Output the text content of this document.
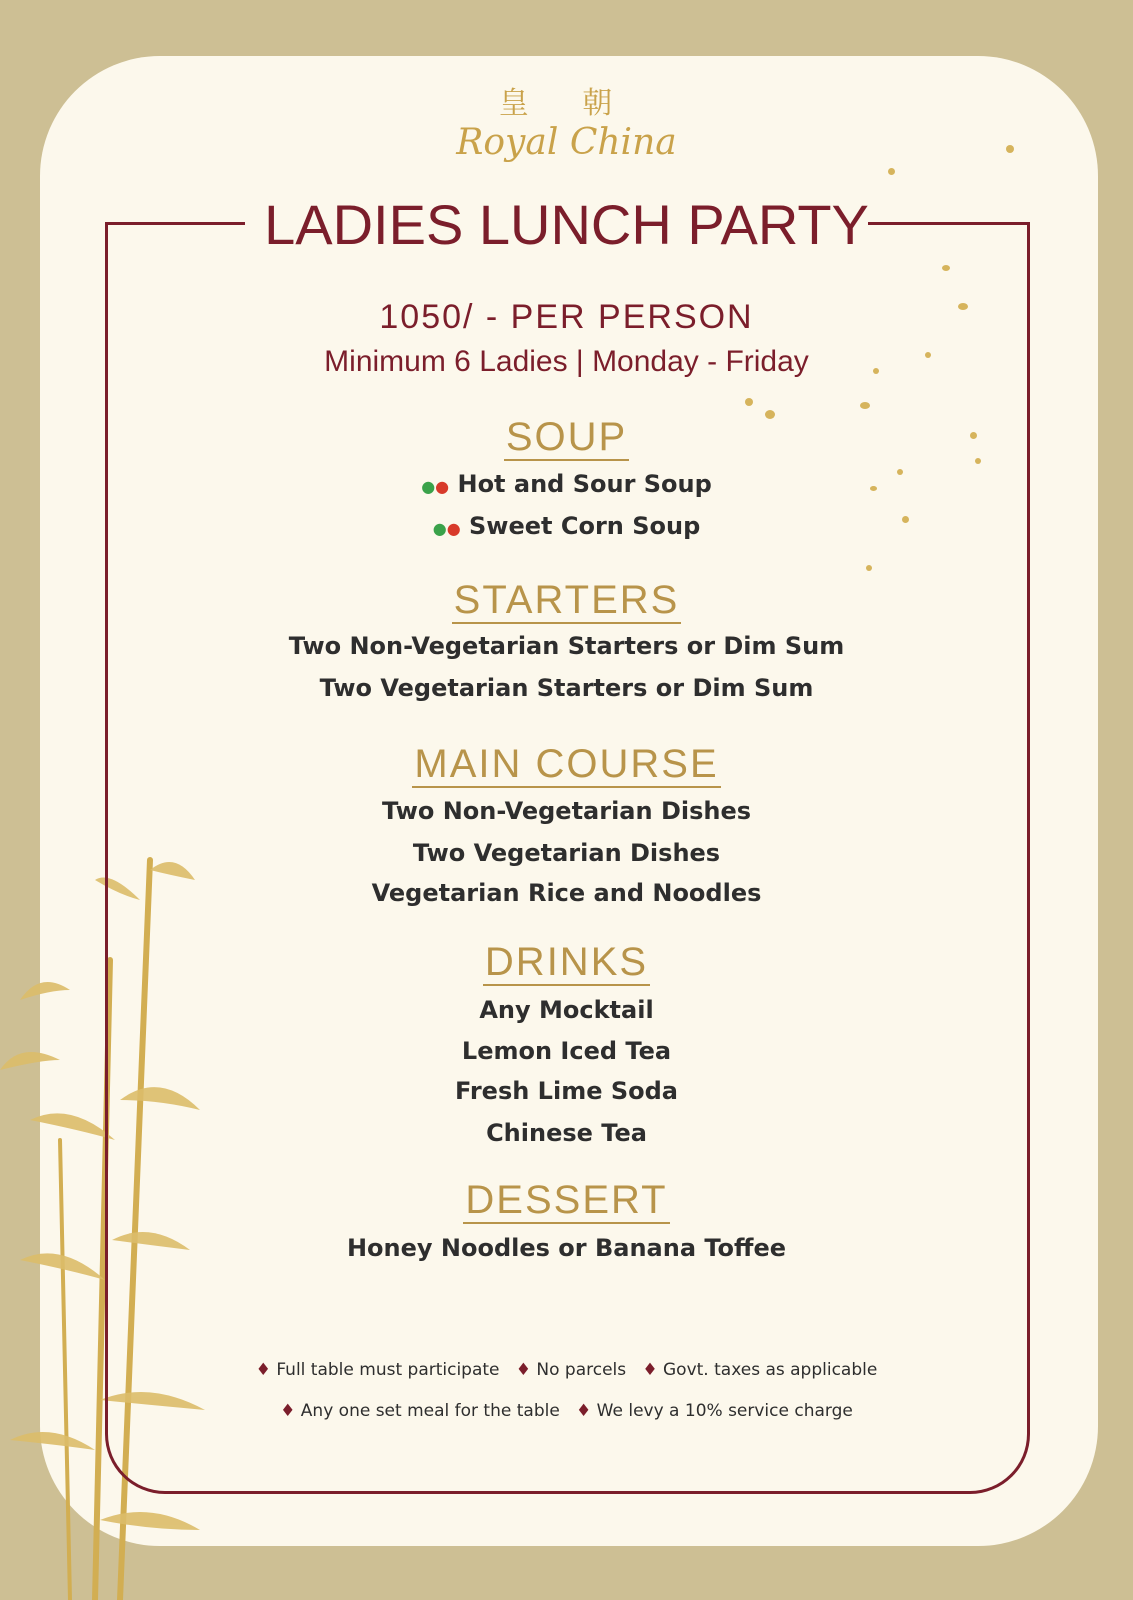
皇 朝
Royal China
LADIES LUNCH PARTY
1050/ - PER PERSON
Minimum 6 Ladies | Monday - Friday
SOUP
●● Hot and Sour Soup
●● Sweet Corn Soup
STARTERS
Two Non-Vegetarian Starters or Dim Sum
Two Vegetarian Starters or Dim Sum
MAIN COURSE
Two Non-Vegetarian Dishes
Two Vegetarian Dishes
Vegetarian Rice and Noodles
DRINKS
Any Mocktail
Lemon Iced Tea
Fresh Lime Soda
Chinese Tea
DESSERT
Honey Noodles or Banana Toffee
♦ Full table must participate ♦ No parcels ♦ Govt. taxes as applicable
♦ Any one set meal for the table ♦ We levy a 10% service charge
